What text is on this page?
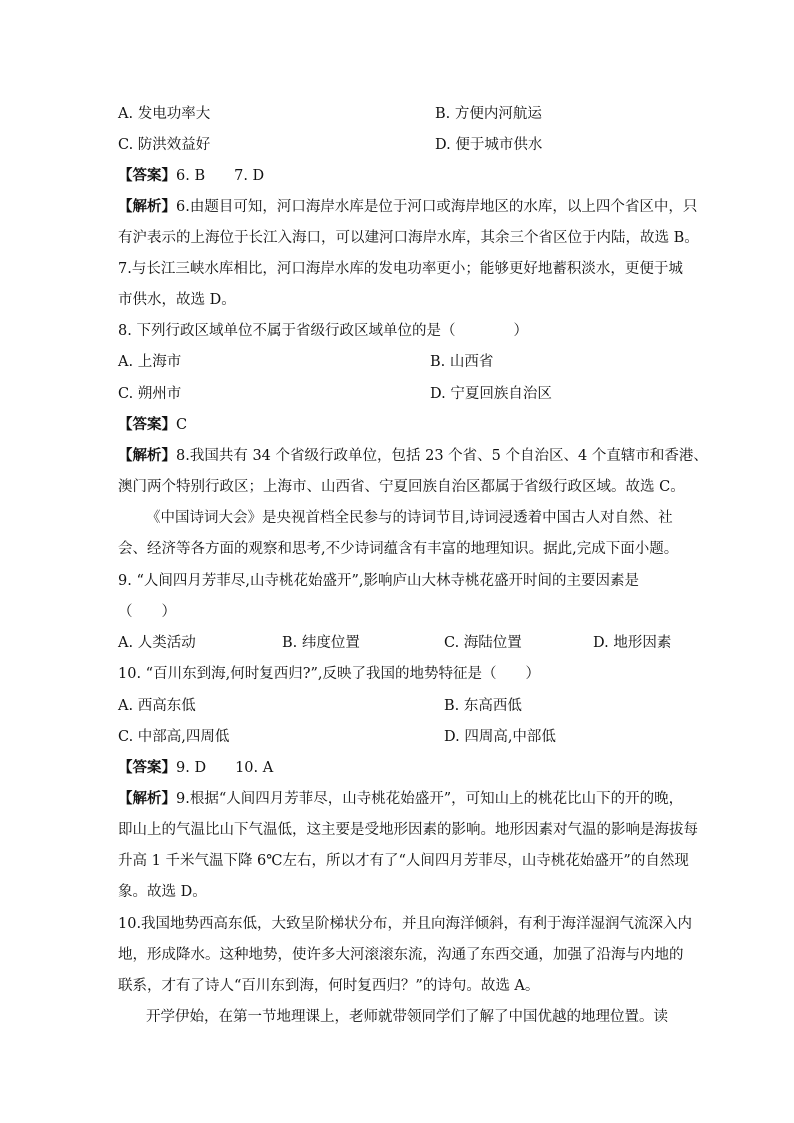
A. 发电功率大	B. 方便内河航运
C. 防洪效益好	D. 便于城市供水
【答案】6. B　　7. D
【解析】6.由题目可知，河口海岸水库是位于河口或海岸地区的水库，以上四个省区中，只
有沪表示的上海位于长江入海口，可以建河口海岸水库，其余三个省区位于内陆，故选 B。
7.与长江三峡水库相比，河口海岸水库的发电功率更小；能够更好地蓄积淡水，更便于城
市供水，故选 D。
8. 下列行政区域单位不属于省级行政区域单位的是（　　　　）
A. 上海市	B. 山西省
C. 朔州市	D. 宁夏回族自治区
【答案】C
【解析】8.我国共有 34 个省级行政单位，包括 23 个省、5 个自治区、4 个直辖市和香港、
澳门两个特别行政区；上海市、山西省、宁夏回族自治区都属于省级行政区域。故选 C。
《中国诗词大会》是央视首档全民参与的诗词节目,诗词浸透着中国古人对自然、社
会、经济等各方面的观察和思考,不少诗词蕴含有丰富的地理知识。据此,完成下面小题。
9. “人间四月芳菲尽,山寺桃花始盛开”,影响庐山大林寺桃花盛开时间的主要因素是
（　　）
A. 人类活动	B. 纬度位置	C. 海陆位置	D. 地形因素
10. “百川东到海,何时复西归?”,反映了我国的地势特征是（　　）
A. 西高东低	B. 东高西低
C. 中部高,四周低	D. 四周高,中部低
【答案】9. D　　10. A
【解析】9.根据“人间四月芳菲尽，山寺桃花始盛开”，可知山上的桃花比山下的开的晚，
即山上的气温比山下气温低，这主要是受地形因素的影响。地形因素对气温的影响是海拔每
升高 1 千米气温下降 6℃左右，所以才有了“人间四月芳菲尽，山寺桃花始盛开”的自然现
象。故选 D。
10.我国地势西高东低，大致呈阶梯状分布，并且向海洋倾斜，有利于海洋湿润气流深入内
地，形成降水。这种地势，使许多大河滚滚东流，沟通了东西交通，加强了沿海与内地的
联系，才有了诗人“百川东到海，何时复西归？”的诗句。故选 A。
开学伊始，在第一节地理课上，老师就带领同学们了解了中国优越的地理位置。读
